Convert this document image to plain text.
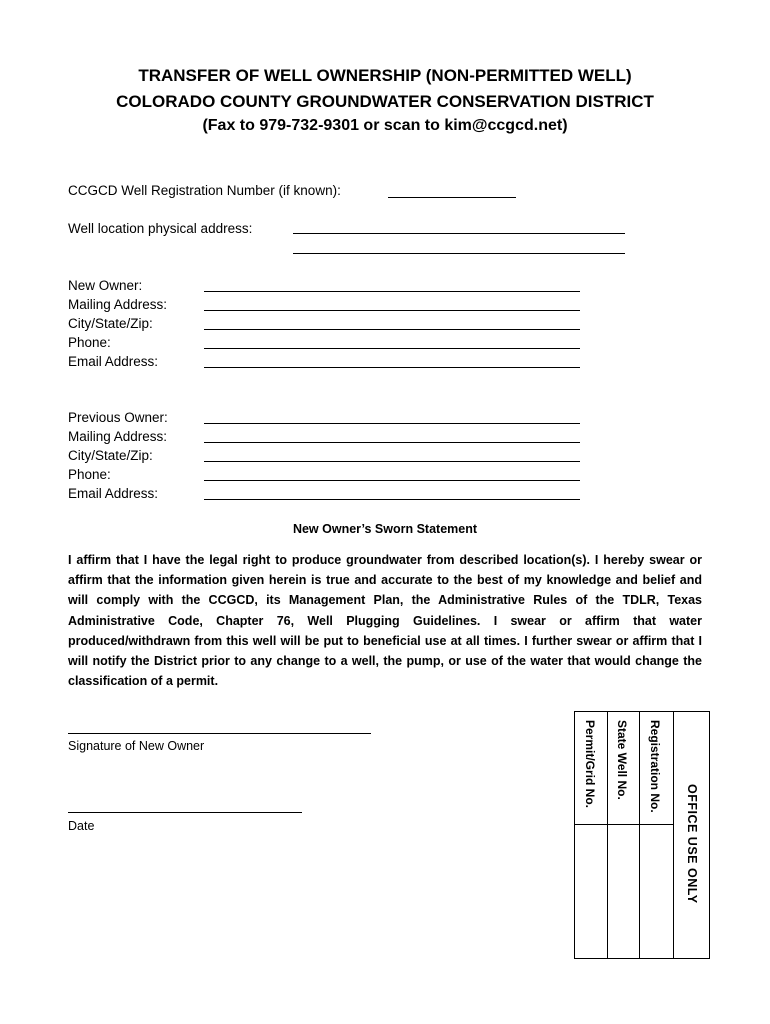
TRANSFER OF WELL OWNERSHIP (NON-PERMITTED WELL)
COLORADO COUNTY GROUNDWATER CONSERVATION DISTRICT
(Fax to 979-732-9301 or scan to kim@ccgcd.net)
CCGCD Well Registration Number (if known):
Well location physical address:
New Owner:
Mailing Address:
City/State/Zip:
Phone:
Email Address:
Previous Owner:
Mailing Address:
City/State/Zip:
Phone:
Email Address:
New Owner’s Sworn Statement
I affirm that I have the legal right to produce groundwater from described location(s). I hereby swear or affirm that the information given herein is true and accurate to the best of my knowledge and belief and will comply with the CCGCD, its Management Plan, the Administrative Rules of the TDLR, Texas Administrative Code, Chapter 76, Well Plugging Guidelines. I swear or affirm that water produced/withdrawn from this well will be put to beneficial use at all times. I further swear or affirm that I will notify the District prior to any change to a well, the pump, or use of the water that would change the classification of a permit.
Signature of New Owner
Date
Permit/Grid No. State Well No. Registration No.
OFFICE USE ONLY
